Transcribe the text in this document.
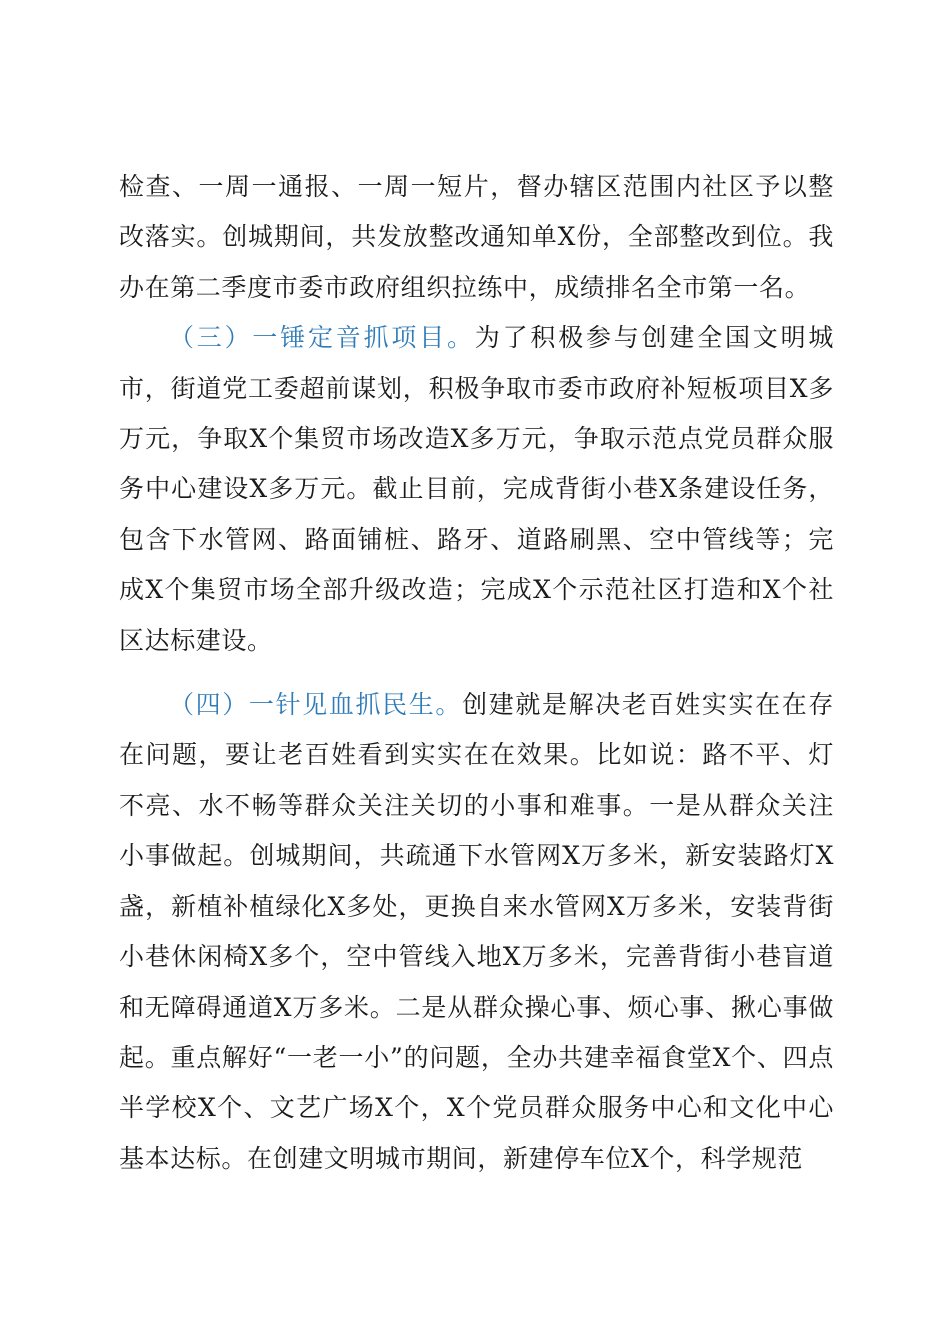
检查、一周一通报、一周一短片，督办辖区范围内社区予以整改落实。创城期间，共发放整改通知单X份，全部整改到位。我办在第二季度市委市政府组织拉练中，成绩排名全市第一名。

（三）一锤定音抓项目。为了积极参与创建全国文明城市，街道党工委超前谋划，积极争取市委市政府补短板项目X多万元，争取X个集贸市场改造X多万元，争取示范点党员群众服务中心建设X多万元。截止目前，完成背街小巷X条建设任务，包含下水管网、路面铺桩、路牙、道路刷黑、空中管线等；完成X个集贸市场全部升级改造；完成X个示范社区打造和X个社区达标建设。

（四）一针见血抓民生。创建就是解决老百姓实实在在存在问题，要让老百姓看到实实在在效果。比如说：路不平、灯不亮、水不畅等群众关注关切的小事和难事。一是从群众关注小事做起。创城期间，共疏通下水管网X万多米，新安装路灯X盏，新植补植绿化X多处，更换自来水管网X万多米，安装背街小巷休闲椅X多个，空中管线入地X万多米，完善背街小巷盲道和无障碍通道X万多米。二是从群众操心事、烦心事、揪心事做起。重点解好“一老一小”的问题，全办共建幸福食堂X个、四点半学校X个、文艺广场X个，X个党员群众服务中心和文化中心基本达标。在创建文明城市期间，新建停车位X个，科学规范
